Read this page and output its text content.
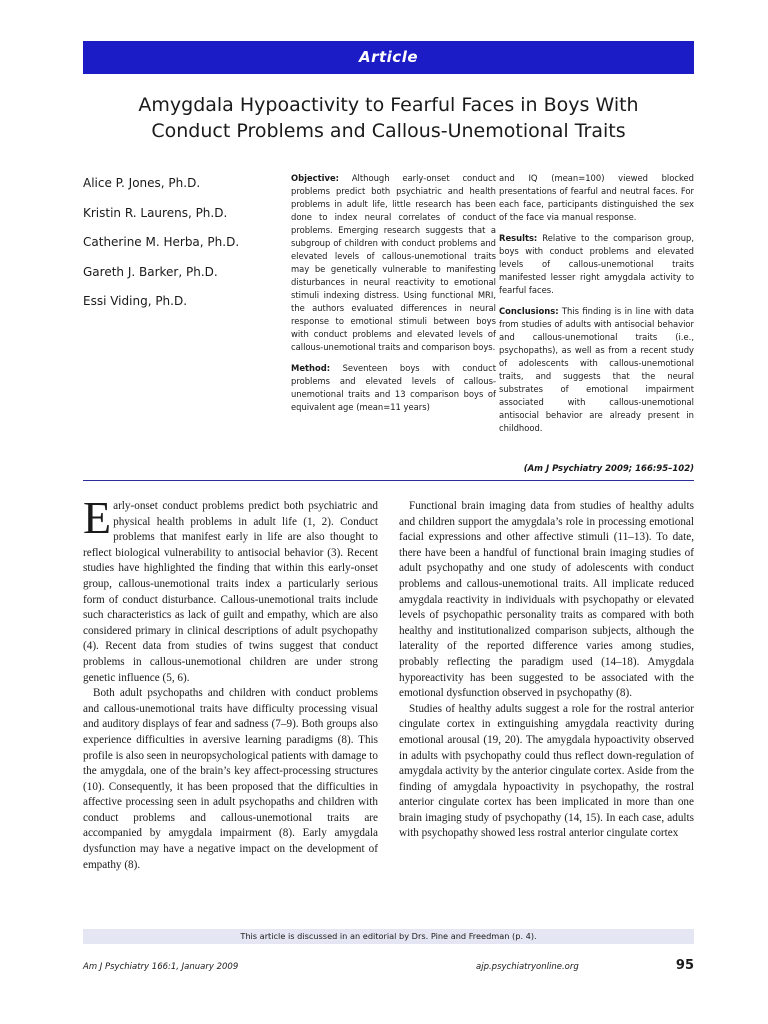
Article
Amygdala Hypoactivity to Fearful Faces in Boys With
Conduct Problems and Callous-Unemotional Traits
Alice P. Jones, Ph.D.
Kristin R. Laurens, Ph.D.
Catherine M. Herba, Ph.D.
Gareth J. Barker, Ph.D.
Essi Viding, Ph.D.

Objective: Although early-onset conduct problems predict both psychiatric and health problems in adult life, little research has been done to index neural correlates of conduct problems. Emerging research suggests that a subgroup of children with conduct problems and elevated levels of callous-unemotional traits may be genetically vulnerable to manifesting disturbances in neural reactivity to emotional stimuli indexing distress. Using functional MRI, the authors evaluated differences in neural response to emotional stimuli between boys with conduct problems and elevated levels of callous-unemotional traits and comparison boys.

Method: Seventeen boys with conduct problems and elevated levels of callous-unemotional traits and 13 comparison boys of equivalent age (mean=11 years)

and IQ (mean=100) viewed blocked presentations of fearful and neutral faces. For each face, participants distinguished the sex of the face via manual response.

Results: Relative to the comparison group, boys with conduct problems and elevated levels of callous-unemotional traits manifested lesser right amygdala activity to fearful faces.

Conclusions: This finding is in line with data from studies of adults with antisocial behavior and callous-unemotional traits (i.e., psychopaths), as well as from a recent study of adolescents with callous-unemotional traits, and suggests that the neural substrates of emotional impairment associated with callous-unemotional antisocial behavior are already present in childhood.

(Am J Psychiatry 2009; 166:95–102)

Early-onset conduct problems predict both psychiatric and physical health problems in adult life (1, 2). Conduct problems that manifest early in life are also thought to reflect biological vulnerability to antisocial behavior (3). Recent studies have highlighted the finding that within this early-onset group, callous-unemotional traits index a particularly serious form of conduct disturbance. Callous-unemotional traits include such characteristics as lack of guilt and empathy, which are also considered primary in clinical descriptions of adult psychopathy (4). Recent data from studies of twins suggest that conduct problems in callous-unemotional children are under strong genetic influence (5, 6).

Both adult psychopaths and children with conduct problems and callous-unemotional traits have difficulty processing visual and auditory displays of fear and sadness (7–9). Both groups also experience difficulties in aversive learning paradigms (8). This profile is also seen in neuropsychological patients with damage to the amygdala, one of the brain’s key affect-processing structures (10). Consequently, it has been proposed that the difficulties in affective processing seen in adult psychopaths and children with conduct problems and callous-unemotional traits are accompanied by amygdala impairment (8). Early amygdala dysfunction may have a negative impact on the development of empathy (8).

Functional brain imaging data from studies of healthy adults and children support the amygdala’s role in processing emotional facial expressions and other affective stimuli (11–13). To date, there have been a handful of functional brain imaging studies of adult psychopathy and one study of adolescents with conduct problems and callous-unemotional traits. All implicate reduced amygdala reactivity in individuals with psychopathy or elevated levels of psychopathic personality traits as compared with both healthy and institutionalized comparison subjects, although the laterality of the reported difference varies among studies, probably reflecting the paradigm used (14–18). Amygdala hyporeactivity has been suggested to be associated with the emotional dysfunction observed in psychopathy (8).

Studies of healthy adults suggest a role for the rostral anterior cingulate cortex in extinguishing amygdala reactivity during emotional arousal (19, 20). The amygdala hypoactivity observed in adults with psychopathy could thus reflect down-regulation of amygdala activity by the anterior cingulate cortex. Aside from the finding of amygdala hypoactivity in psychopathy, the rostral anterior cingulate cortex has been implicated in more than one brain imaging study of psychopathy (14, 15). In each case, adults with psychopathy showed less rostral anterior cingulate cortex

This article is discussed in an editorial by Drs. Pine and Freedman (p. 4).
Am J Psychiatry 166:1, January 2009	ajp.psychiatryonline.org	95
